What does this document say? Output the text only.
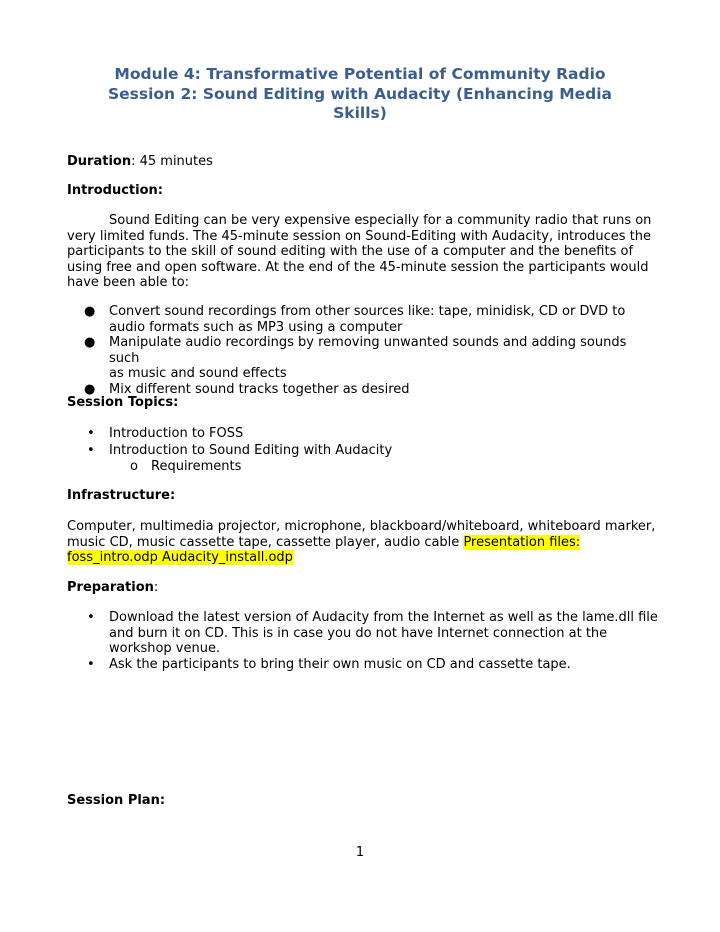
Module 4: Transformative Potential of Community Radio
Session 2: Sound Editing with Audacity (Enhancing Media
Skills)
Duration: 45 minutes
Introduction:
Sound Editing can be very expensive especially for a community radio that runs on
very limited funds. The 45-minute session on Sound-Editing with Audacity, introduces the
participants to the skill of sound editing with the use of a computer and the benefits of
using free and open software. At the end of the 45-minute session the participants would
have been able to:
● Convert sound recordings from other sources like: tape, minidisk, CD or DVD to
audio formats such as MP3 using a computer
● Manipulate audio recordings by removing unwanted sounds and adding sounds such
as music and sound effects
● Mix different sound tracks together as desired
Session Topics:
• Introduction to FOSS
• Introduction to Sound Editing with Audacity
o Requirements
Infrastructure:
Computer, multimedia projector, microphone, blackboard/whiteboard, whiteboard marker,
music CD, music cassette tape, cassette player, audio cable Presentation files:
foss_intro.odp Audacity_install.odp
Preparation:
• Download the latest version of Audacity from the Internet as well as the lame.dll file
and burn it on CD. This is in case you do not have Internet connection at the
workshop venue.
• Ask the participants to bring their own music on CD and cassette tape.
Session Plan:
1
